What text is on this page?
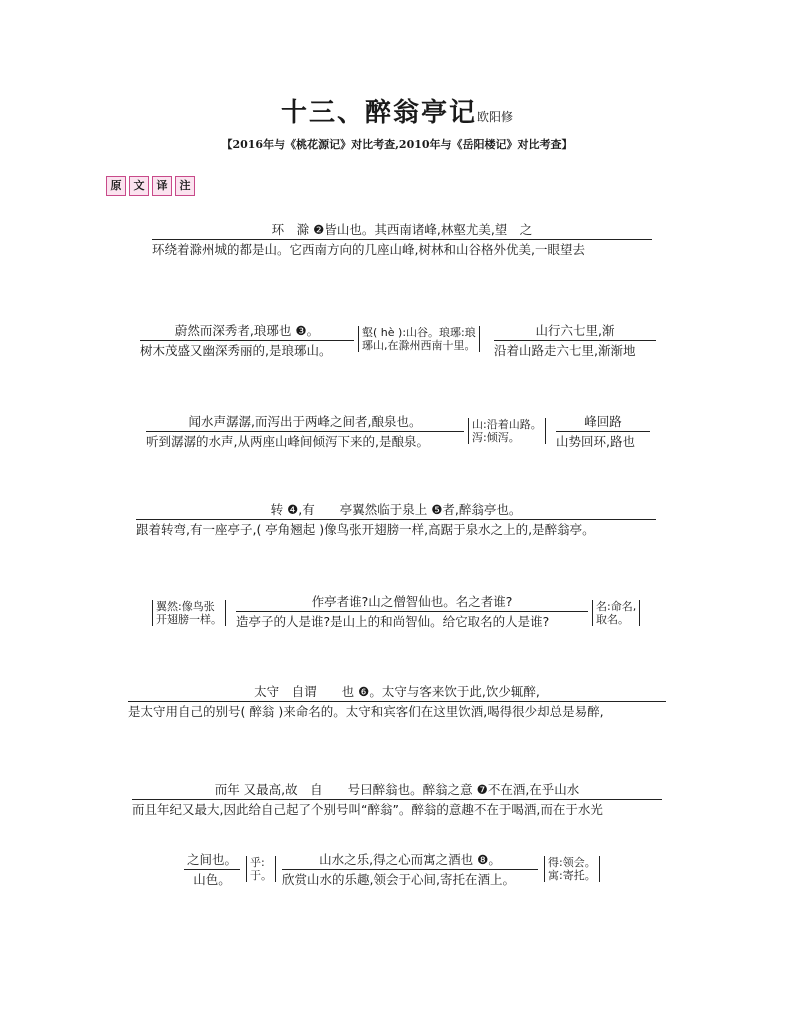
十三、醉翁亭记欧阳修
【2016年与《桃花源记》对比考查,2010年与《岳阳楼记》对比考查】
原	文	译	注
环　滁 ❷皆山也。其西南诸峰,林壑尤美,望　之
环绕着滁州城的都是山。它西南方向的几座山峰,树林和山谷格外优美,一眼望去
蔚然而深秀者,琅琊也 ❸。
树木茂盛又幽深秀丽的,是琅琊山。
壑( hè ):山谷。琅琊:琅
琊山,在滁州西南十里。
山行六七里,渐
沿着山路走六七里,渐渐地
闻水声潺潺,而泻出于两峰之间者,酿泉也。
听到潺潺的水声,从两座山峰间倾泻下来的,是酿泉。
山:沿着山路。
泻:倾泻。
峰回路
山势回环,路也
转 ❹,有　　亭翼然临于泉上 ❺者,醉翁亭也。
跟着转弯,有一座亭子,( 亭角翘起 )像鸟张开翅膀一样,高踞于泉水之上的,是醉翁亭。
翼然:像鸟张
开翅膀一样。
作亭者谁?山之僧智仙也。名之者谁?
造亭子的人是谁?是山上的和尚智仙。给它取名的人是谁?
名:命名,
取名。
太守　自谓　　也 ❻。太守与客来饮于此,饮少辄醉,
是太守用自己的别号( 醉翁 )来命名的。太守和宾客们在这里饮酒,喝得很少却总是易醉,
而年 又最高,故　自　　号曰醉翁也。醉翁之意 ❼不在酒,在乎山水
而且年纪又最大,因此给自己起了个别号叫“醉翁”。醉翁的意趣不在于喝酒,而在于水光
之间也。
山色。
乎:
于。
山水之乐,得之心而寓之酒也 ❽。
欣赏山水的乐趣,领会于心间,寄托在酒上。
得:领会。
寓:寄托。
